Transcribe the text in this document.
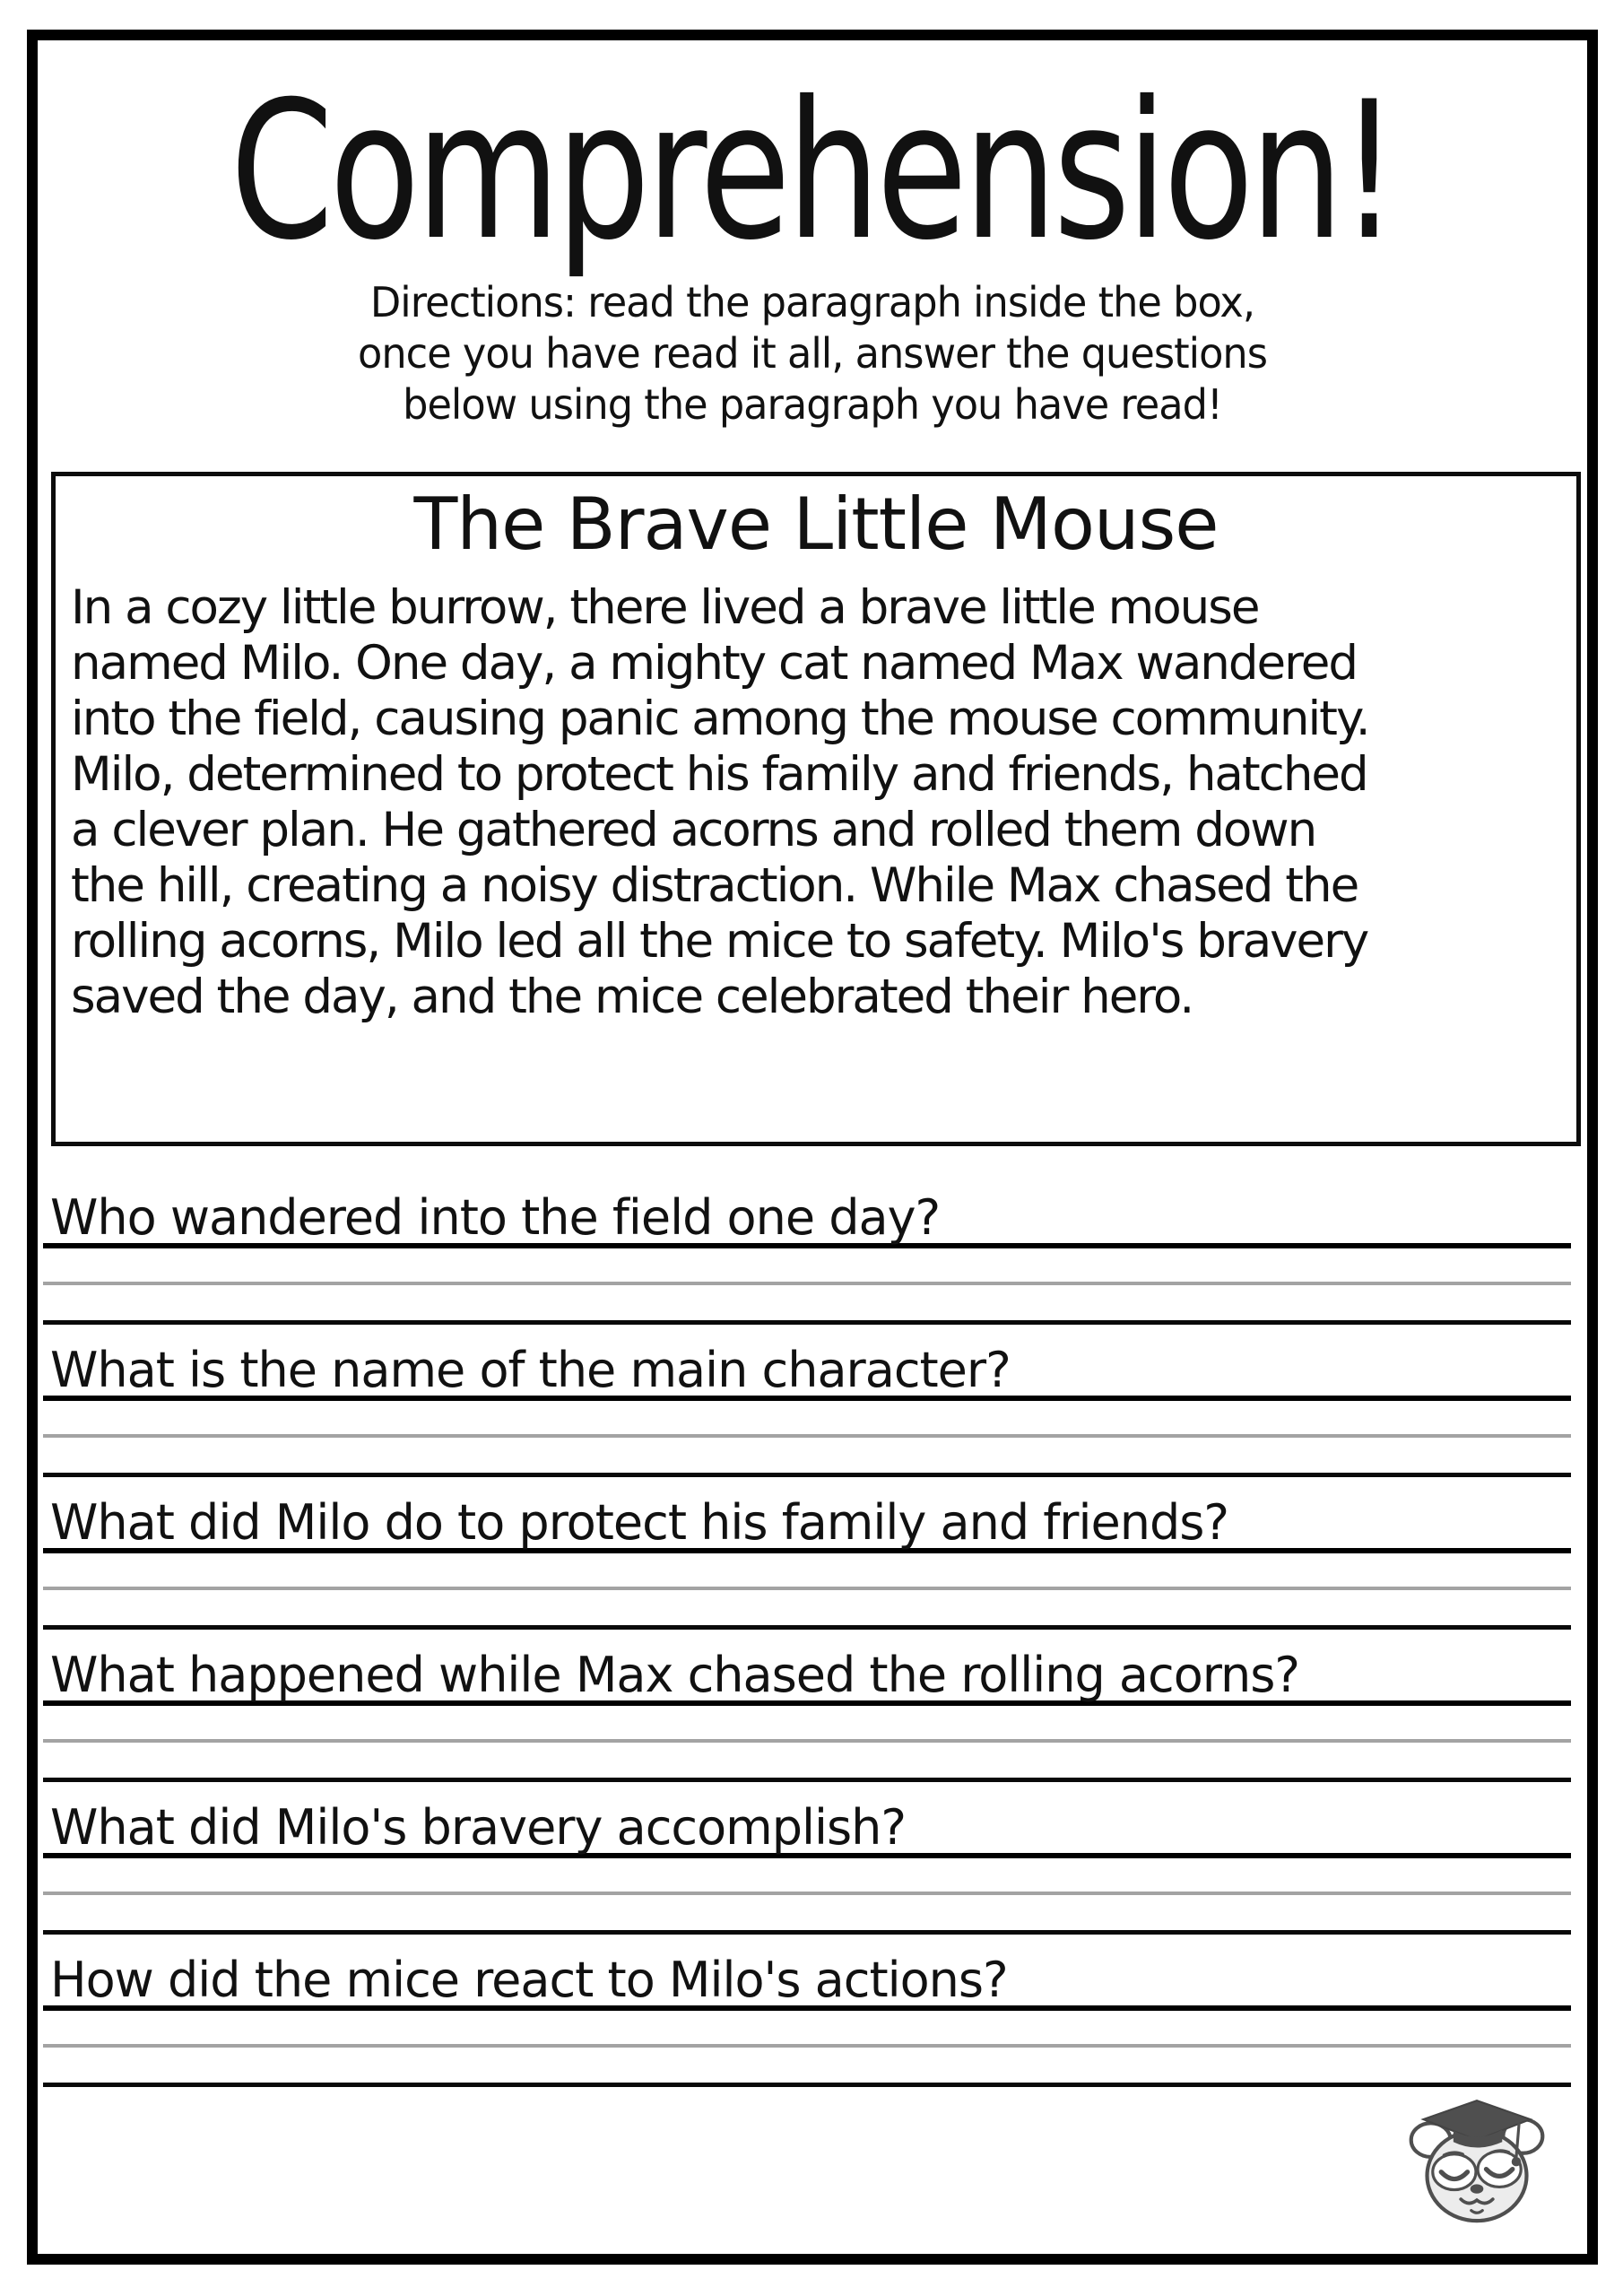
Comprehension!
Directions: read the paragraph inside the box,
once you have read it all, answer the questions
below using the paragraph you have read!
The Brave Little Mouse
In a cozy little burrow, there lived a brave little mouse
named Milo. One day, a mighty cat named Max wandered
into the field, causing panic among the mouse community.
Milo, determined to protect his family and friends, hatched
a clever plan. He gathered acorns and rolled them down
the hill, creating a noisy distraction. While Max chased the
rolling acorns, Milo led all the mice to safety. Milo's bravery
saved the day, and the mice celebrated their hero.
Who wandered into the field one day?
What is the name of the main character?
What did Milo do to protect his family and friends?
What happened while Max chased the rolling acorns?
What did Milo's bravery accomplish?
How did the mice react to Milo's actions?
